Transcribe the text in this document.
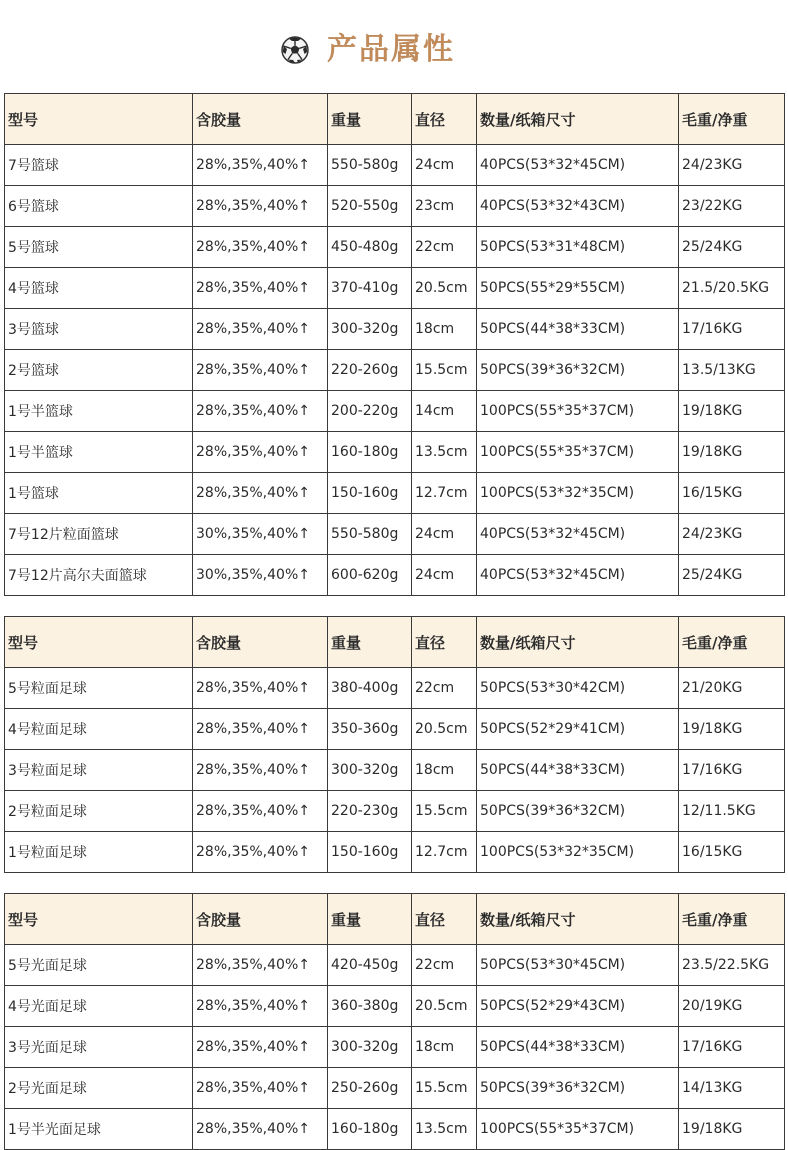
产品属性
型号	含胶量	重量	直径	数量/纸箱尺寸	毛重/净重
7号篮球	28%,35%,40%↑	550-580g	24cm	40PCS(53*32*45CM)	24/23KG
6号篮球	28%,35%,40%↑	520-550g	23cm	40PCS(53*32*43CM)	23/22KG
5号篮球	28%,35%,40%↑	450-480g	22cm	50PCS(53*31*48CM)	25/24KG
4号篮球	28%,35%,40%↑	370-410g	20.5cm	50PCS(55*29*55CM)	21.5/20.5KG
3号篮球	28%,35%,40%↑	300-320g	18cm	50PCS(44*38*33CM)	17/16KG
2号篮球	28%,35%,40%↑	220-260g	15.5cm	50PCS(39*36*32CM)	13.5/13KG
1号半篮球	28%,35%,40%↑	200-220g	14cm	100PCS(55*35*37CM)	19/18KG
1号半篮球	28%,35%,40%↑	160-180g	13.5cm	100PCS(55*35*37CM)	19/18KG
1号篮球	28%,35%,40%↑	150-160g	12.7cm	100PCS(53*32*35CM)	16/15KG
7号12片粒面篮球	30%,35%,40%↑	550-580g	24cm	40PCS(53*32*45CM)	24/23KG
7号12片高尔夫面篮球	30%,35%,40%↑	600-620g	24cm	40PCS(53*32*45CM)	25/24KG
型号	含胶量	重量	直径	数量/纸箱尺寸	毛重/净重
5号粒面足球	28%,35%,40%↑	380-400g	22cm	50PCS(53*30*42CM)	21/20KG
4号粒面足球	28%,35%,40%↑	350-360g	20.5cm	50PCS(52*29*41CM)	19/18KG
3号粒面足球	28%,35%,40%↑	300-320g	18cm	50PCS(44*38*33CM)	17/16KG
2号粒面足球	28%,35%,40%↑	220-230g	15.5cm	50PCS(39*36*32CM)	12/11.5KG
1号粒面足球	28%,35%,40%↑	150-160g	12.7cm	100PCS(53*32*35CM)	16/15KG
型号	含胶量	重量	直径	数量/纸箱尺寸	毛重/净重
5号光面足球	28%,35%,40%↑	420-450g	22cm	50PCS(53*30*45CM)	23.5/22.5KG
4号光面足球	28%,35%,40%↑	360-380g	20.5cm	50PCS(52*29*43CM)	20/19KG
3号光面足球	28%,35%,40%↑	300-320g	18cm	50PCS(44*38*33CM)	17/16KG
2号光面足球	28%,35%,40%↑	250-260g	15.5cm	50PCS(39*36*32CM)	14/13KG
1号半光面足球	28%,35%,40%↑	160-180g	13.5cm	100PCS(55*35*37CM)	19/18KG
